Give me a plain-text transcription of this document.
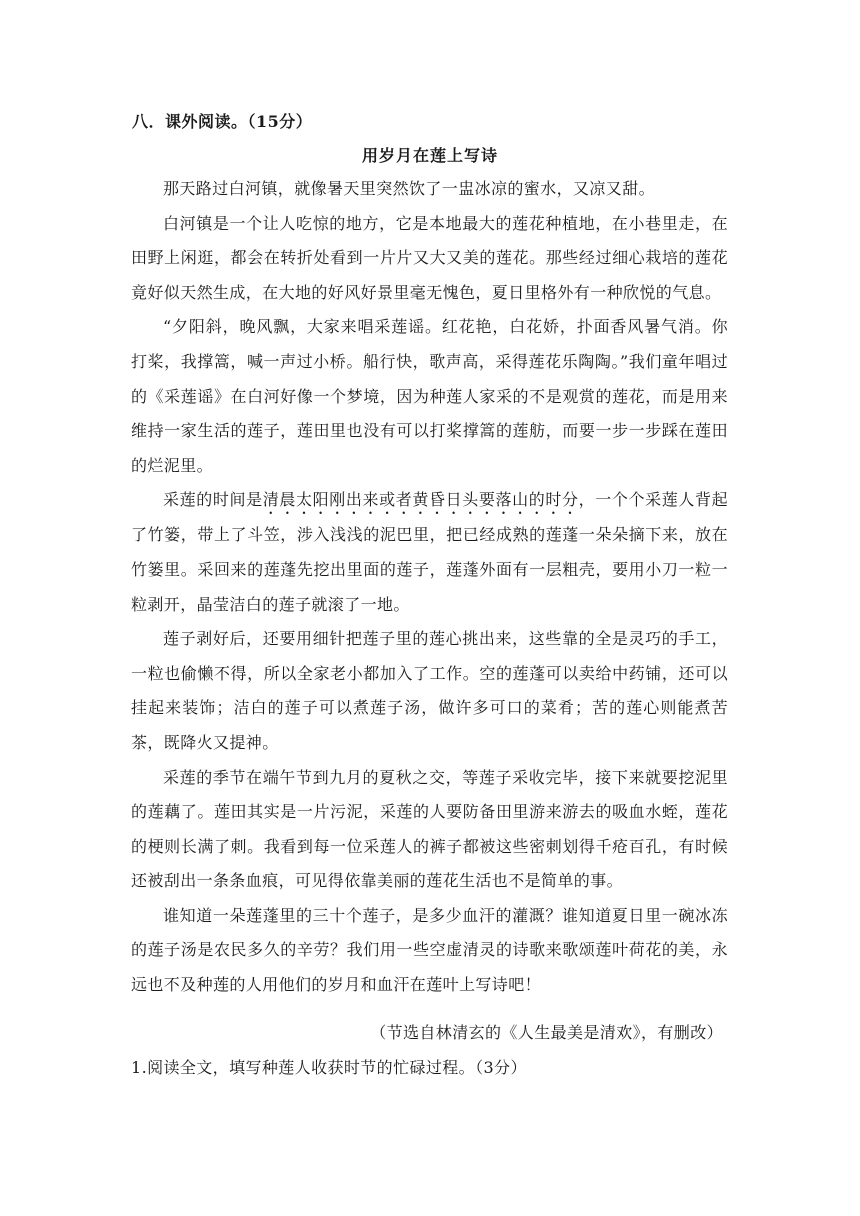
八．课外阅读。（15分）
用岁月在莲上写诗

那天路过白河镇，就像暑天里突然饮了一盅冰凉的蜜水，又凉又甜。

白河镇是一个让人吃惊的地方，它是本地最大的莲花种植地，在小巷里走，在田野上闲逛，都会在转折处看到一片片又大又美的莲花。那些经过细心栽培的莲花竟好似天然生成，在大地的好风好景里毫无愧色，夏日里格外有一种欣悦的气息。

“夕阳斜，晚风飘，大家来唱采莲谣。红花艳，白花娇，扑面香风暑气消。你打桨，我撑篙，喊一声过小桥。船行快，歌声高，采得莲花乐陶陶。”我们童年唱过的《采莲谣》在白河好像一个梦境，因为种莲人家采的不是观赏的莲花，而是用来维持一家生活的莲子，莲田里也没有可以打桨撑篙的莲舫，而要一步一步踩在莲田的烂泥里。

采莲的时间是清晨太阳刚出来或者黄昏日头要落山的时分，一个个采莲人背起了竹篓，带上了斗笠，涉入浅浅的泥巴里，把已经成熟的莲蓬一朵朵摘下来，放在竹篓里。采回来的莲蓬先挖出里面的莲子，莲蓬外面有一层粗壳，要用小刀一粒一粒剥开，晶莹洁白的莲子就滚了一地。

莲子剥好后，还要用细针把莲子里的莲心挑出来，这些靠的全是灵巧的手工，一粒也偷懒不得，所以全家老小都加入了工作。空的莲蓬可以卖给中药铺，还可以挂起来装饰；洁白的莲子可以煮莲子汤，做许多可口的菜肴；苦的莲心则能煮苦茶，既降火又提神。

采莲的季节在端午节到九月的夏秋之交，等莲子采收完毕，接下来就要挖泥里的莲藕了。莲田其实是一片污泥，采莲的人要防备田里游来游去的吸血水蛭，莲花的梗则长满了刺。我看到每一位采莲人的裤子都被这些密刺划得千疮百孔，有时候还被刮出一条条血痕，可见得依靠美丽的莲花生活也不是简单的事。

谁知道一朵莲蓬里的三十个莲子，是多少血汗的灌溉？谁知道夏日里一碗冰冻的莲子汤是农民多久的辛劳？我们用一些空虚清灵的诗歌来歌颂莲叶荷花的美，永远也不及种莲的人用他们的岁月和血汗在莲叶上写诗吧！

（节选自林清玄的《人生最美是清欢》，有删改）
1.阅读全文，填写种莲人收获时节的忙碌过程。（3分）
